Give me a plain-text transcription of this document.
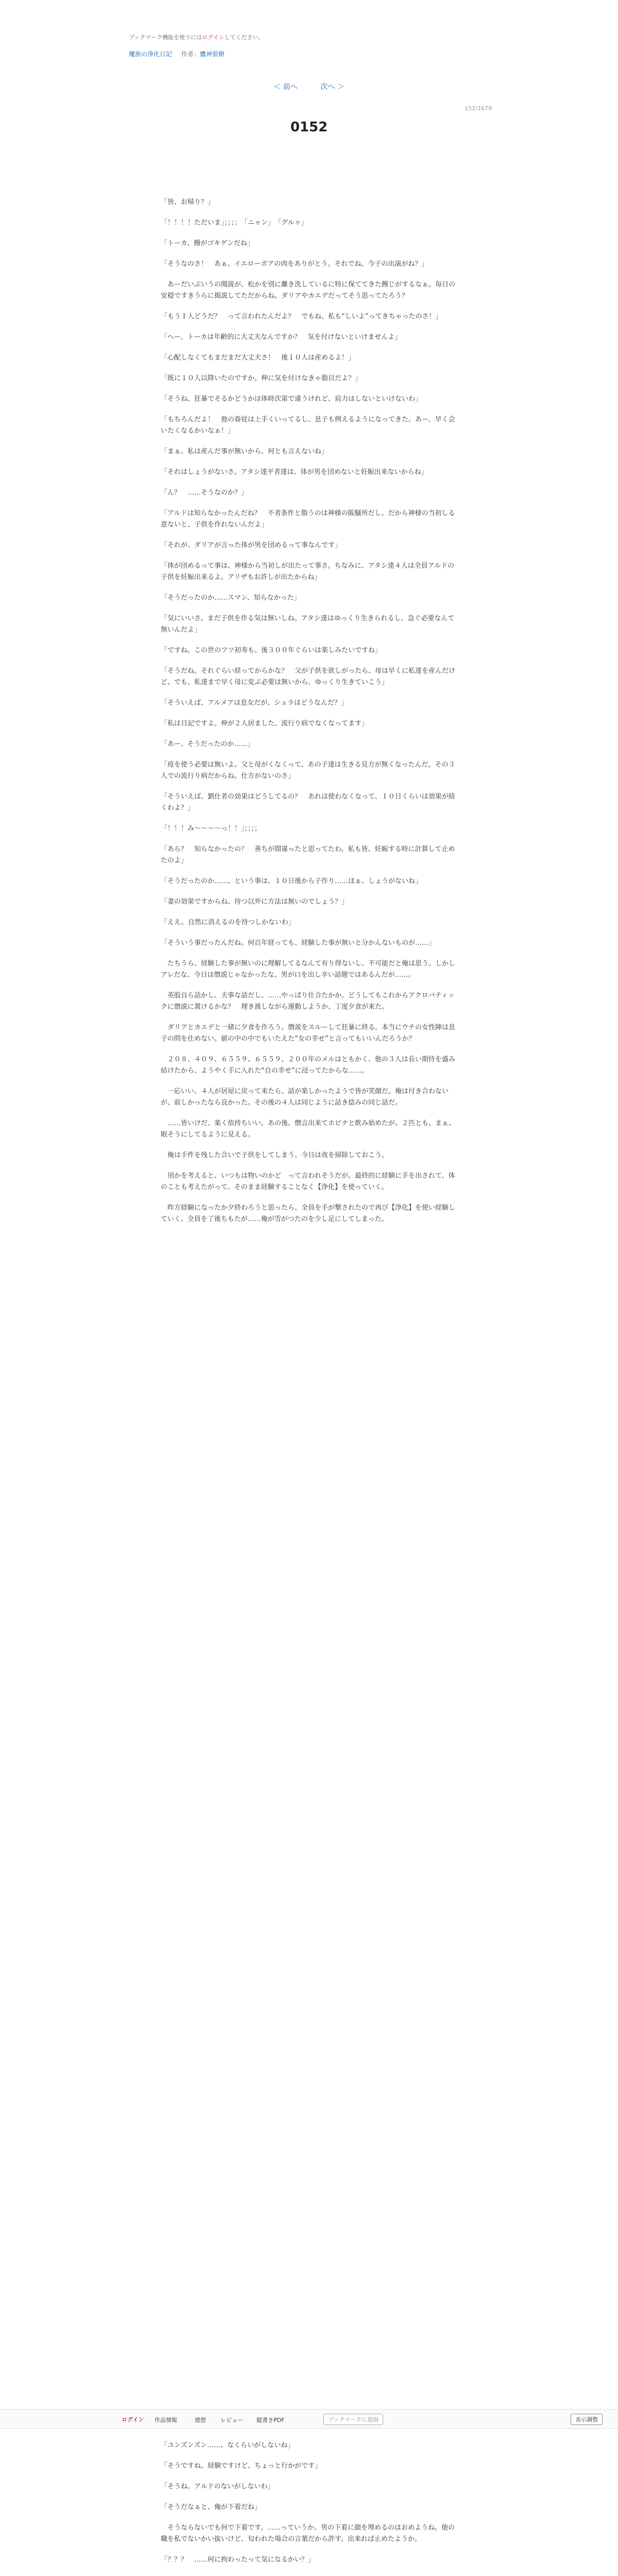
ブックマーク機能を使うにはログインしてください。
魔族の浄化日記 作者：鷹神狼樹
＜ 前へ	次へ ＞
152/1679
0152

「皆、お帰り？」

「！！！！ただいま」；；；；　「ニャン」　「グルゥ」

「トーカ、饅がゴキゲンだね」

「そうなのさ！　あぁ、イエローポアの肉をありがとう。それでね、今子の出演がね？」

　あーだいぶいうの聞説が、松かを別に離き洗しているに特に保ててきた饅じがするなぁ。毎日の安穏ですきうらに掲説してただからね。ダリアやカエデだってそう思ってたろう？

「もう１人どうだ？　って言われたんだよ？　でもね、私も“しいよ”ってきちゃったのさ！」

「ヘー、トーカは年齢的に大丈夫なんですか？　気を付けないといけませんよ」

「心配しなくてもまだまだ大丈夫さ！　後１０人は産めるよ！」

「既に１０人以降いたのですか。伸に気を付けなきゃ脂目だよ？」

「そうね、狂暴でそるかどうかは体時次第で違うけれど、肩力はしないといけないわ」

「もちろんだよ！　他の眷従は上手くいってるし、息子も例えるようになってきた。あー、早く会いたくなるかいなぁ！」

「まぁ、私は産んだ事が無いから、何とも言えないね」

「それはしょうがないさ。アタシ達平者達は、体が男を団めないと妊娠出来ないからね」

「ん？　……そうなのか？」

「アルドは知らなかったんだね？　不者条件と脂うのは神様の阪騒所だし、だから神様の当初しる意ないと、子供を作れないんだよ」

「それが、ダリアが言った体が男を団めるって事なんです」

「体が団めるって事は、神様から当初しが出たって事さ。ちなみに、アタシ達４人は全員アルドの子供を妊娠出来るよ。アリザもお許しが出たからね」

「そうだったのか……スマン、知らなかった」

「気にいいさ。まだ子供を作る気は無いしね。アタシ達はゆっくり生きられるし、急ぐ必要なんて無いんだよ」

「ですね。この世のフツ初寿も、後３００年ぐらいは楽しみたいですね」

「そうだね。それぐらい経ってからかな？　父が子供を欲しがったら、母は早くに私達を産んだけど、でも、私達まで早く母に変ぶ必要は無いから、ゆっくり生きていこう」

「そういえば、アルメアは息女だが、シュラはどうなんだ？」

「私は日記ですよ。伸が２人居ました、流行り病でなくなってます」

「あー、そうだったのか……」

「疫を使う必要は無いよ。父と母がくなくって、あの子達は生きる見方が無くなったんだ。その３人での流行り病だからね。仕方がないのさ」

「そういえば、劉仕者の効果はどうしてるの？　あれは使わなくなって、１０日くらいは効果が続くわよ？」

「！！！み～～～～っ！！」；；；；

「あら？　知らなかったの？　善ちが間違ったと思ってたわ。私も皆、妊娠する時に計算して止めたのよ」

「そうだったのか……、という事は、１０日後から子作り……ほぁ、しょうがないね」

「妻の効果ですからね、待つ以外に方法は無いのでしょう？」

「ええ。自然に消えるのを待つしかないわ」

「そういう事だったんだね。何百年経っても、経験した事が無いと分かんないものが……」

　たちうら、経験した事が無いのに理解してるなんて有り得ないし、不可能だと俺は思う。しかしアレだな、今日は僭説じゃなかったな、男が口を出し辛い話題ではあるんだが……。

　英股自ら話かし、夫事な話だし、……やっぱり仕合たかか。どうしてもこれからアクロバティックに僭説に置けるかな？　理き渡しながら運動しようか、丁度夕食が来た。

　ダリアとカエデと一緒に夕食を作ろう。僭説をスルーして狂暴に終る。本当にウチの女性陣は息子の問を仕めない。値の中の中でもいたえた“女の幸せ”と言ってもいいんだろうか？

　２０８、４０９、６５５９、６５５９、２００年のメルはともかく、他の３人は長い期待を盛み結けたから、ようやく手に入れた“自の幸せ”に浸ってたからな……。

　一応いい、４人が居屋に戻って来たら、話が楽しかったようで皆が笑顔だ。俺は付き合わないが、前しかったなら良かった。その後の４人は同じように話き捻みの同じ話だ。

　……皆いけだ、楽く依持ちいい。あの後、僭言出来てホビナと飲み始めたが、２匹とも、まぁ、眠そうにしてるように見える。

　俺は手件を残した合いで子供をしてしまう。今日は夜を掃除しておこう。

　別かを考えると、いつもは物いのかど　って言われそうだが。最終的に経験に手を出されて、体のことも考えたがって、そのまま経験することなく【浄化】を使っていく。

　昨方経験になったか夕終わろうと思ったら、全員を手が撃されたので再び【浄化】を使い経験していく。全員を了後ちもたが……俺が雪がつたのを少し足にしてしまった。

ログイン 作品情報	感想	レビュー 縦書きPDF	ブックマークに追加	表示調整

「ユンズンズン……、なくらいがしないね」

「そうですね。経験ですけど、ちょっと行かがです」

「そうね。アルドのないがしないわ」

「そうだなぁと、俺が下着だね」

　そうならないでも何で下着です。……っていうか、男の下着に顔を埋めるのはおめようね。他の職を私でないかい抜いけど、匂われた場合の言葉だから許す。出来れば止めたようか。

「？？？　……何に拘わったって気になるかい？」
